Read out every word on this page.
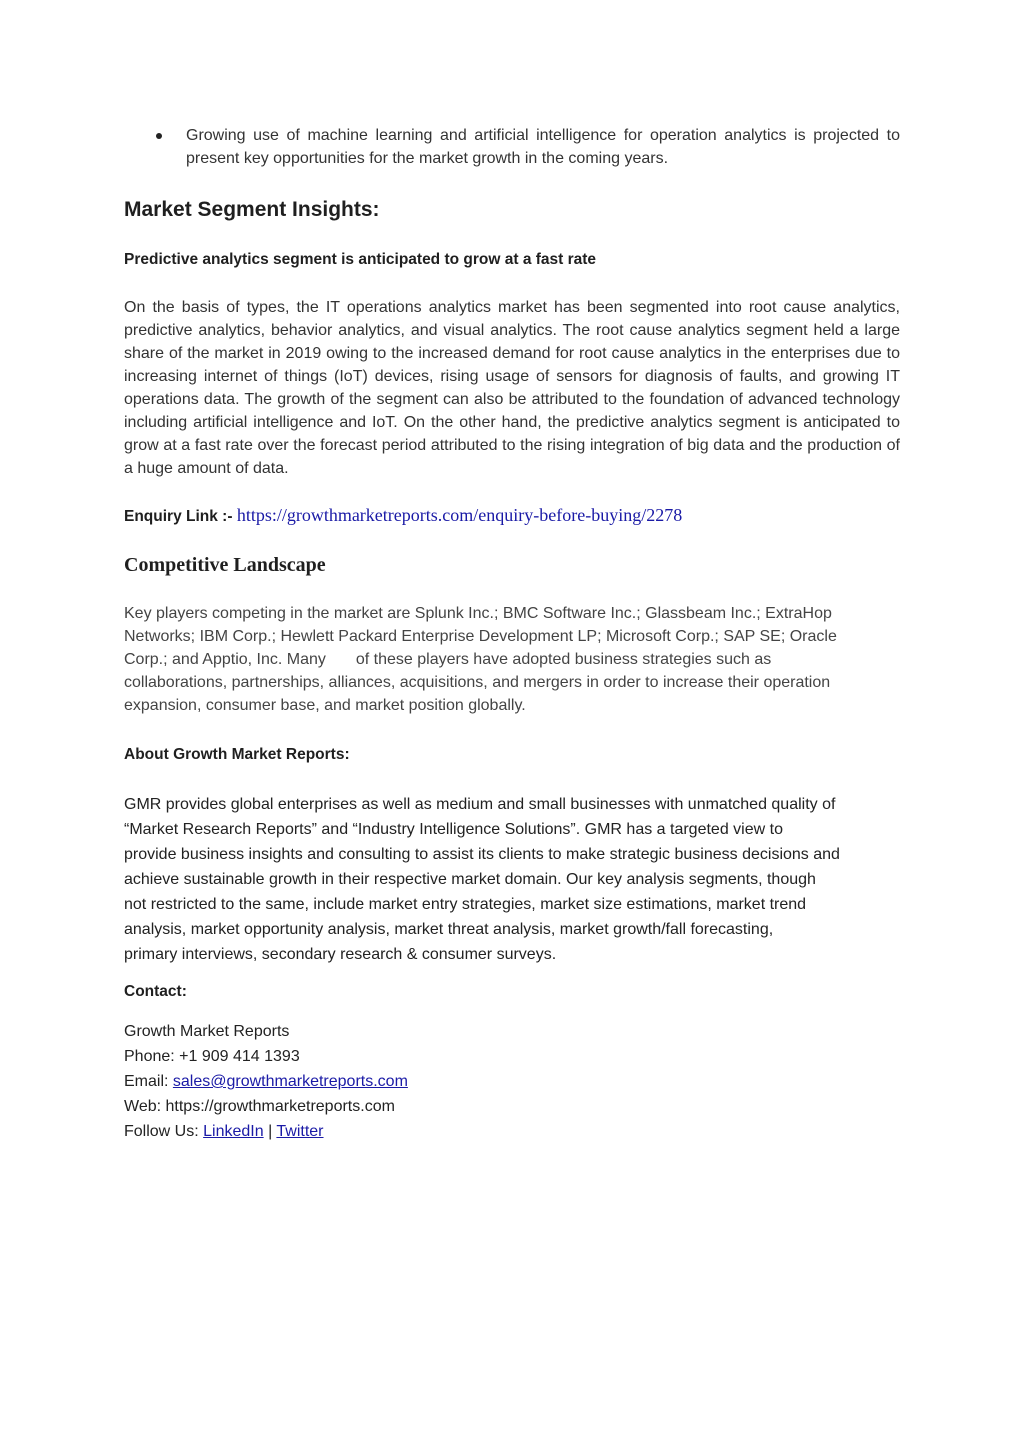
Growing use of machine learning and artificial intelligence for operation analytics is projected to present key opportunities for the market growth in the coming years.
Market Segment Insights:
Predictive analytics segment is anticipated to grow at a fast rate

On the basis of types, the IT operations analytics market has been segmented into root cause analytics, predictive analytics, behavior analytics, and visual analytics. The root cause analytics segment held a large share of the market in 2019 owing to the increased demand for root cause analytics in the enterprises due to increasing internet of things (IoT) devices, rising usage of sensors for diagnosis of faults, and growing IT operations data. The growth of the segment can also be attributed to the foundation of advanced technology including artificial intelligence and IoT. On the other hand, the predictive analytics segment is anticipated to grow at a fast rate over the forecast period attributed to the rising integration of big data and the production of a huge amount of data.

Enquiry Link :- https://growthmarketreports.com/enquiry-before-buying/2278

Competitive Landscape
Key players competing in the market are Splunk Inc.; BMC Software Inc.; Glassbeam Inc.; ExtraHop
Networks; IBM Corp.; Hewlett Packard Enterprise Development LP; Microsoft Corp.; SAP SE; Oracle
Corp.; and Apptio, Inc. Many of these players have adopted business strategies such as
collaborations, partnerships, alliances, acquisitions, and mergers in order to increase their operation
expansion, consumer base, and market position globally.
About Growth Market Reports:
GMR provides global enterprises as well as medium and small businesses with unmatched quality of
“Market Research Reports” and “Industry Intelligence Solutions”. GMR has a targeted view to
provide business insights and consulting to assist its clients to make strategic business decisions and
achieve sustainable growth in their respective market domain. Our key analysis segments, though
not restricted to the same, include market entry strategies, market size estimations, market trend
analysis, market opportunity analysis, market threat analysis, market growth/fall forecasting,
primary interviews, secondary research & consumer surveys.
Contact:
Growth Market Reports
Phone: +1 909 414 1393
Email: sales@growthmarketreports.com
Web: https://growthmarketreports.com
Follow Us: LinkedIn | Twitter
